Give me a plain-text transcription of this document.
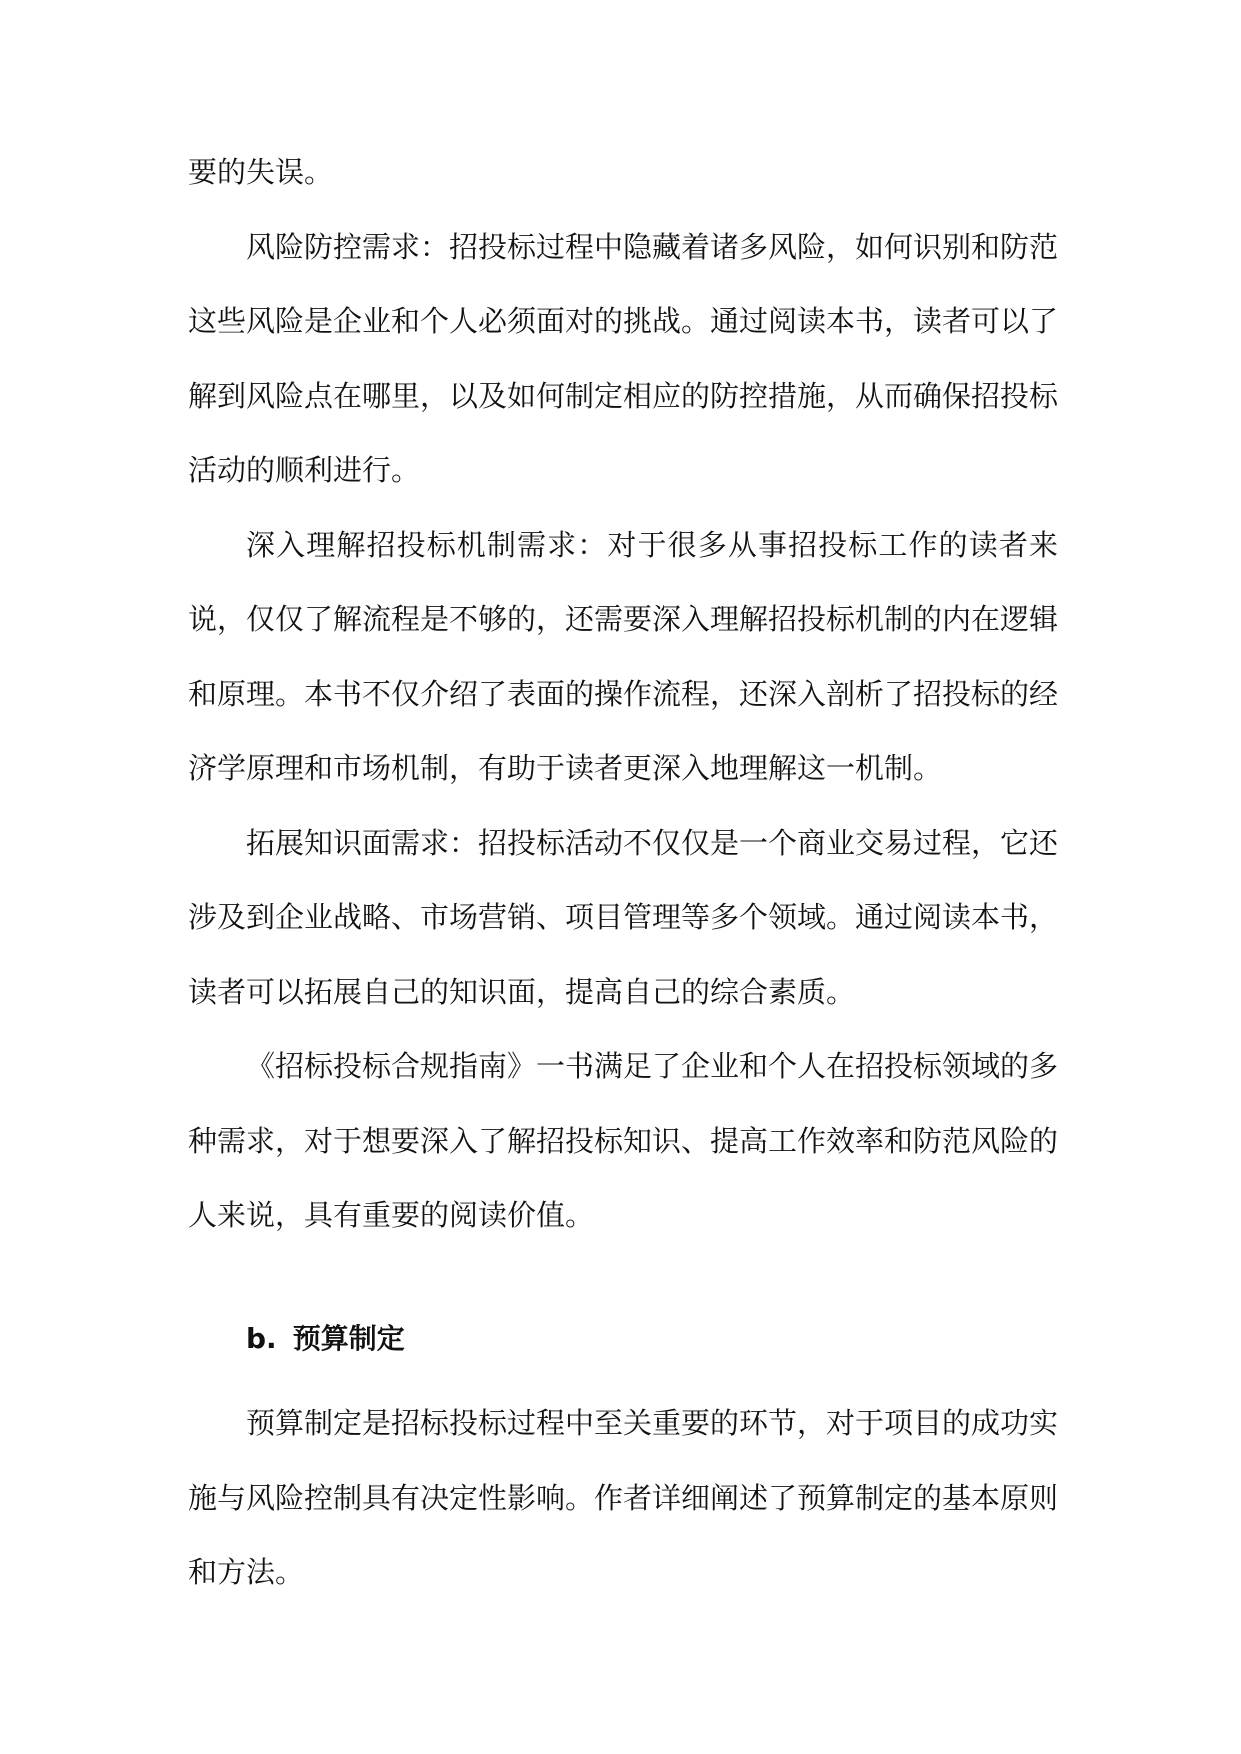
要的失误。

风险防控需求：招投标过程中隐藏着诸多风险，如何识别和防范这些风险是企业和个人必须面对的挑战。通过阅读本书，读者可以了解到风险点在哪里，以及如何制定相应的防控措施，从而确保招投标活动的顺利进行。

深入理解招投标机制需求：对于很多从事招投标工作的读者来说，仅仅了解流程是不够的，还需要深入理解招投标机制的内在逻辑和原理。本书不仅介绍了表面的操作流程，还深入剖析了招投标的经济学原理和市场机制，有助于读者更深入地理解这一机制。

拓展知识面需求：招投标活动不仅仅是一个商业交易过程，它还涉及到企业战略、市场营销、项目管理等多个领域。通过阅读本书，读者可以拓展自己的知识面，提高自己的综合素质。

《招标投标合规指南》一书满足了企业和个人在招投标领域的多种需求，对于想要深入了解招投标知识、提高工作效率和防范风险的人来说，具有重要的阅读价值。

b. 预算制定

预算制定是招标投标过程中至关重要的环节，对于项目的成功实施与风险控制具有决定性影响。作者详细阐述了预算制定的基本原则和方法。
